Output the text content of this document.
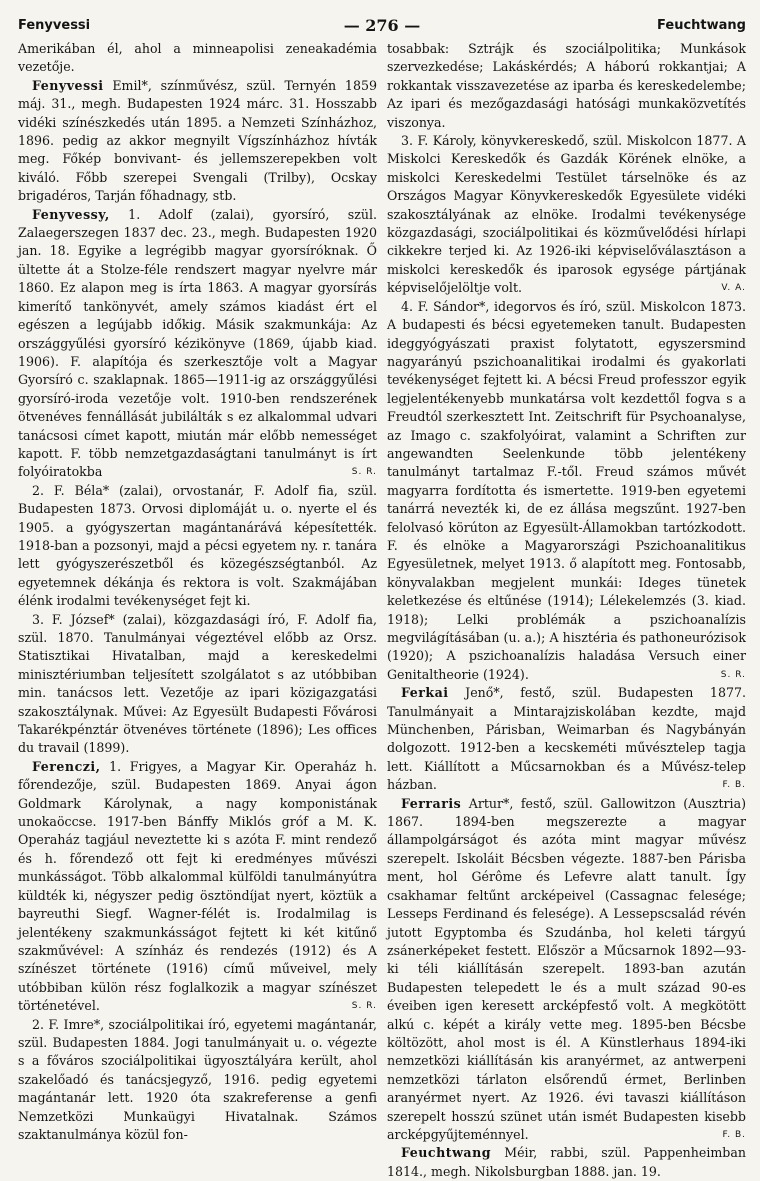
Fenyvessi	— 276 —	Feuchtwang

Amerikában él, ahol a minneapolisi zeneakadémia vezetője.

Fenyvessi Emil*, színművész, szül. Ternyén 1859 máj. 31., megh. Budapesten 1924 márc. 31. Hosszabb vidéki színészkedés után 1895. a Nemzeti Színházhoz, 1896. pedig az akkor megnyilt Vígszínházhoz hívták meg. Főkép bonvivant- és jellemszerepekben volt kiváló. Főbb szerepei Svengali (Trilby), Ocskay brigadéros, Tarján főhadnagy, stb.

Fenyvessy, 1. Adolf (zalai), gyorsíró, szül. Zalaegerszegen 1837 dec. 23., megh. Budapesten 1920 jan. 18. Egyike a legrégibb magyar gyorsíróknak. Ő ültette át a Stolze-féle rendszert magyar nyelvre már 1860. Ez alapon meg is írta 1863. A magyar gyorsírás kimerítő tankönyvét, amely számos kiadást ért el egészen a legújabb időkig. Másik szakmunkája: Az országgyűlési gyorsíró kézikönyve (1869, újabb kiad. 1906). F. alapítója és szerkesztője volt a Magyar Gyorsíró c. szaklapnak. 1865—1911-ig az országgyűlési gyorsíró-iroda vezetője volt. 1910-ben rendszerének ötvenéves fennállását jubilálták s ez alkalommal udvari tanácsosi címet kapott, miután már előbb nemességet kapott. F. több nemzetgazdaságtani tanulmányt is írt folyóiratokba	S. R.

2. F. Béla* (zalai), orvostanár, F. Adolf fia, szül. Budapesten 1873. Orvosi diplomáját u. o. nyerte el és 1905. a gyógyszertan magántanárává képesítették. 1918-ban a pozsonyi, majd a pécsi egyetem ny. r. tanára lett gyógyszerészetből és közegészségtanból. Az egyetemnek dékánja és rektora is volt. Szakmájában élénk irodalmi tevékenységet fejt ki.

3. F. József* (zalai), közgazdasági író, F. Adolf fia, szül. 1870. Tanulmányai végeztével előbb az Orsz. Statisztikai Hivatalban, majd a kereskedelmi minisztériumban teljesített szolgálatot s az utóbbiban min. tanácsos lett. Vezetője az ipari közigazgatási szakosztálynak. Művei: Az Egyesült Budapesti Fővárosi Takarékpénztár ötvenéves története (1896); Les offices du travail (1899).

Ferenczi, 1. Frigyes, a Magyar Kir. Operaház h. főrendezője, szül. Budapesten 1869. Anyai ágon Goldmark Károlynak, a nagy komponistának unokaöccse. 1917-ben Bánffy Miklós gróf a M. K. Operaház tagjául neveztette ki s azóta F. mint rendező és h. főrendező ott fejt ki eredményes művészi munkásságot. Több alkalommal külföldi tanulmányútra küldték ki, négyszer pedig ösztöndíjat nyert, köztük a bayreuthi Siegf. Wagner-félét is. Irodalmilag is jelentékeny szakmunkásságot fejtett ki két kitűnő szakművével: A színház és rendezés (1912) és A színészet története (1916) című műveivel, mely utóbbiban külön rész foglalkozik a magyar színészet történetével.	S. R.

2. F. Imre*, szociálpolitikai író, egyetemi magántanár, szül. Budapesten 1884. Jogi tanulmányait u. o. végezte s a főváros szociálpolitikai ügyosztályára került, ahol szakelőadó és tanácsjegyző, 1916. pedig egyetemi magántanár lett. 1920 óta szakreferense a genfi Nemzetközi Munkaügyi Hivatalnak. Számos szaktanulmánya közül fon-

tosabbak: Sztrájk és szociálpolitika; Munkások szervezkedése; Lakáskérdés; A háború rokkantjai; A rokkantak visszavezetése az iparba és kereskedelembe; Az ipari és mezőgazdasági hatósági munkaközvetítés viszonya.

3. F. Károly, könyvkereskedő, szül. Miskolcon 1877. A Miskolci Kereskedők és Gazdák Körének elnöke, a miskolci Kereskedelmi Testület társelnöke és az Országos Magyar Könyvkereskedők Egyesülete vidéki szakosztályának az elnöke. Irodalmi tevékenysége közgazdasági, szociálpolitikai és közművelődési hírlapi cikkekre terjed ki. Az 1926-iki képviselőválasztáson a miskolci kereskedők és iparosok egysége pártjának képviselőjelöltje volt.	V. A.

4. F. Sándor*, idegorvos és író, szül. Miskolcon 1873. A budapesti és bécsi egyetemeken tanult. Budapesten ideggyógyászati praxist folytatott, egyszersmind nagyarányú pszichoanalitikai irodalmi és gyakorlati tevékenységet fejtett ki. A bécsi Freud professzor egyik legjelentékenyebb munkatársa volt kezdettől fogva s a Freudtól szerkesztett Int. Zeitschrift für Psychoanalyse, az Imago c. szakfolyóirat, valamint a Schriften zur angewandten Seelenkunde több jelentékeny tanulmányt tartalmaz F.-től. Freud számos művét magyarra fordította és ismertette. 1919-ben egyetemi tanárrá nevezték ki, de ez állása megszűnt. 1927-ben felolvasó körúton az Egyesült-Államokban tartózkodott. F. és elnöke a Magyarországi Pszichoanalitikus Egyesületnek, melyet 1913. ő alapított meg. Fontosabb, könyvalakban megjelent munkái: Ideges tünetek keletkezése és eltűnése (1914); Lélekelemzés (3. kiad. 1918); Lelki problémák a pszichoanalízis megvilágításában (u. a.); A hisztéria és pathoneurózisok (1920); A pszichoanalízis haladása Versuch einer Genitaltheorie (1924).	S. R.

Ferkai Jenő*, festő, szül. Budapesten 1877. Tanulmányait a Mintarajziskolában kezdte, majd Münchenben, Párisban, Weimarban és Nagybányán dolgozott. 1912-ben a kecskeméti művésztelep tagja lett. Kiállított a Műcsarnokban és a Művész-telep házban.	F. B.

Ferraris Artur*, festő, szül. Gallowitzon (Ausztria) 1867. 1894-ben megszerezte a magyar állampolgárságot és azóta mint magyar művész szerepelt. Iskoláit Bécsben végezte. 1887-ben Párisba ment, hol Gérôme és Lefevre alatt tanult. Így csakhamar feltűnt arcképeivel (Cassagnac felesége; Lesseps Ferdinand és felesége). A Lessepscsalád révén jutott Egyptomba és Szudánba, hol keleti tárgyú zsánerképeket festett. Először a Műcsarnok 1892—93-ki téli kiállításán szerepelt. 1893-ban azután Budapesten telepedett le és a mult század 90-es éveiben igen keresett arcképfestő volt. A megkötött alkú c. képét a király vette meg. 1895-ben Bécsbe költözött, ahol most is él. A Künstlerhaus 1894-iki nemzetközi kiállításán kis aranyérmet, az antwerpeni nemzetközi tárlaton elsőrendű érmet, Berlinben aranyérmet nyert. Az 1926. évi tavaszi kiállításon szerepelt hosszú szünet után ismét Budapesten kisebb arcképgyűjteménnyel.	F. B.

Feuchtwang Méir, rabbi, szül. Pappenheimban 1814., megh. Nikolsburgban 1888. jan. 19.
